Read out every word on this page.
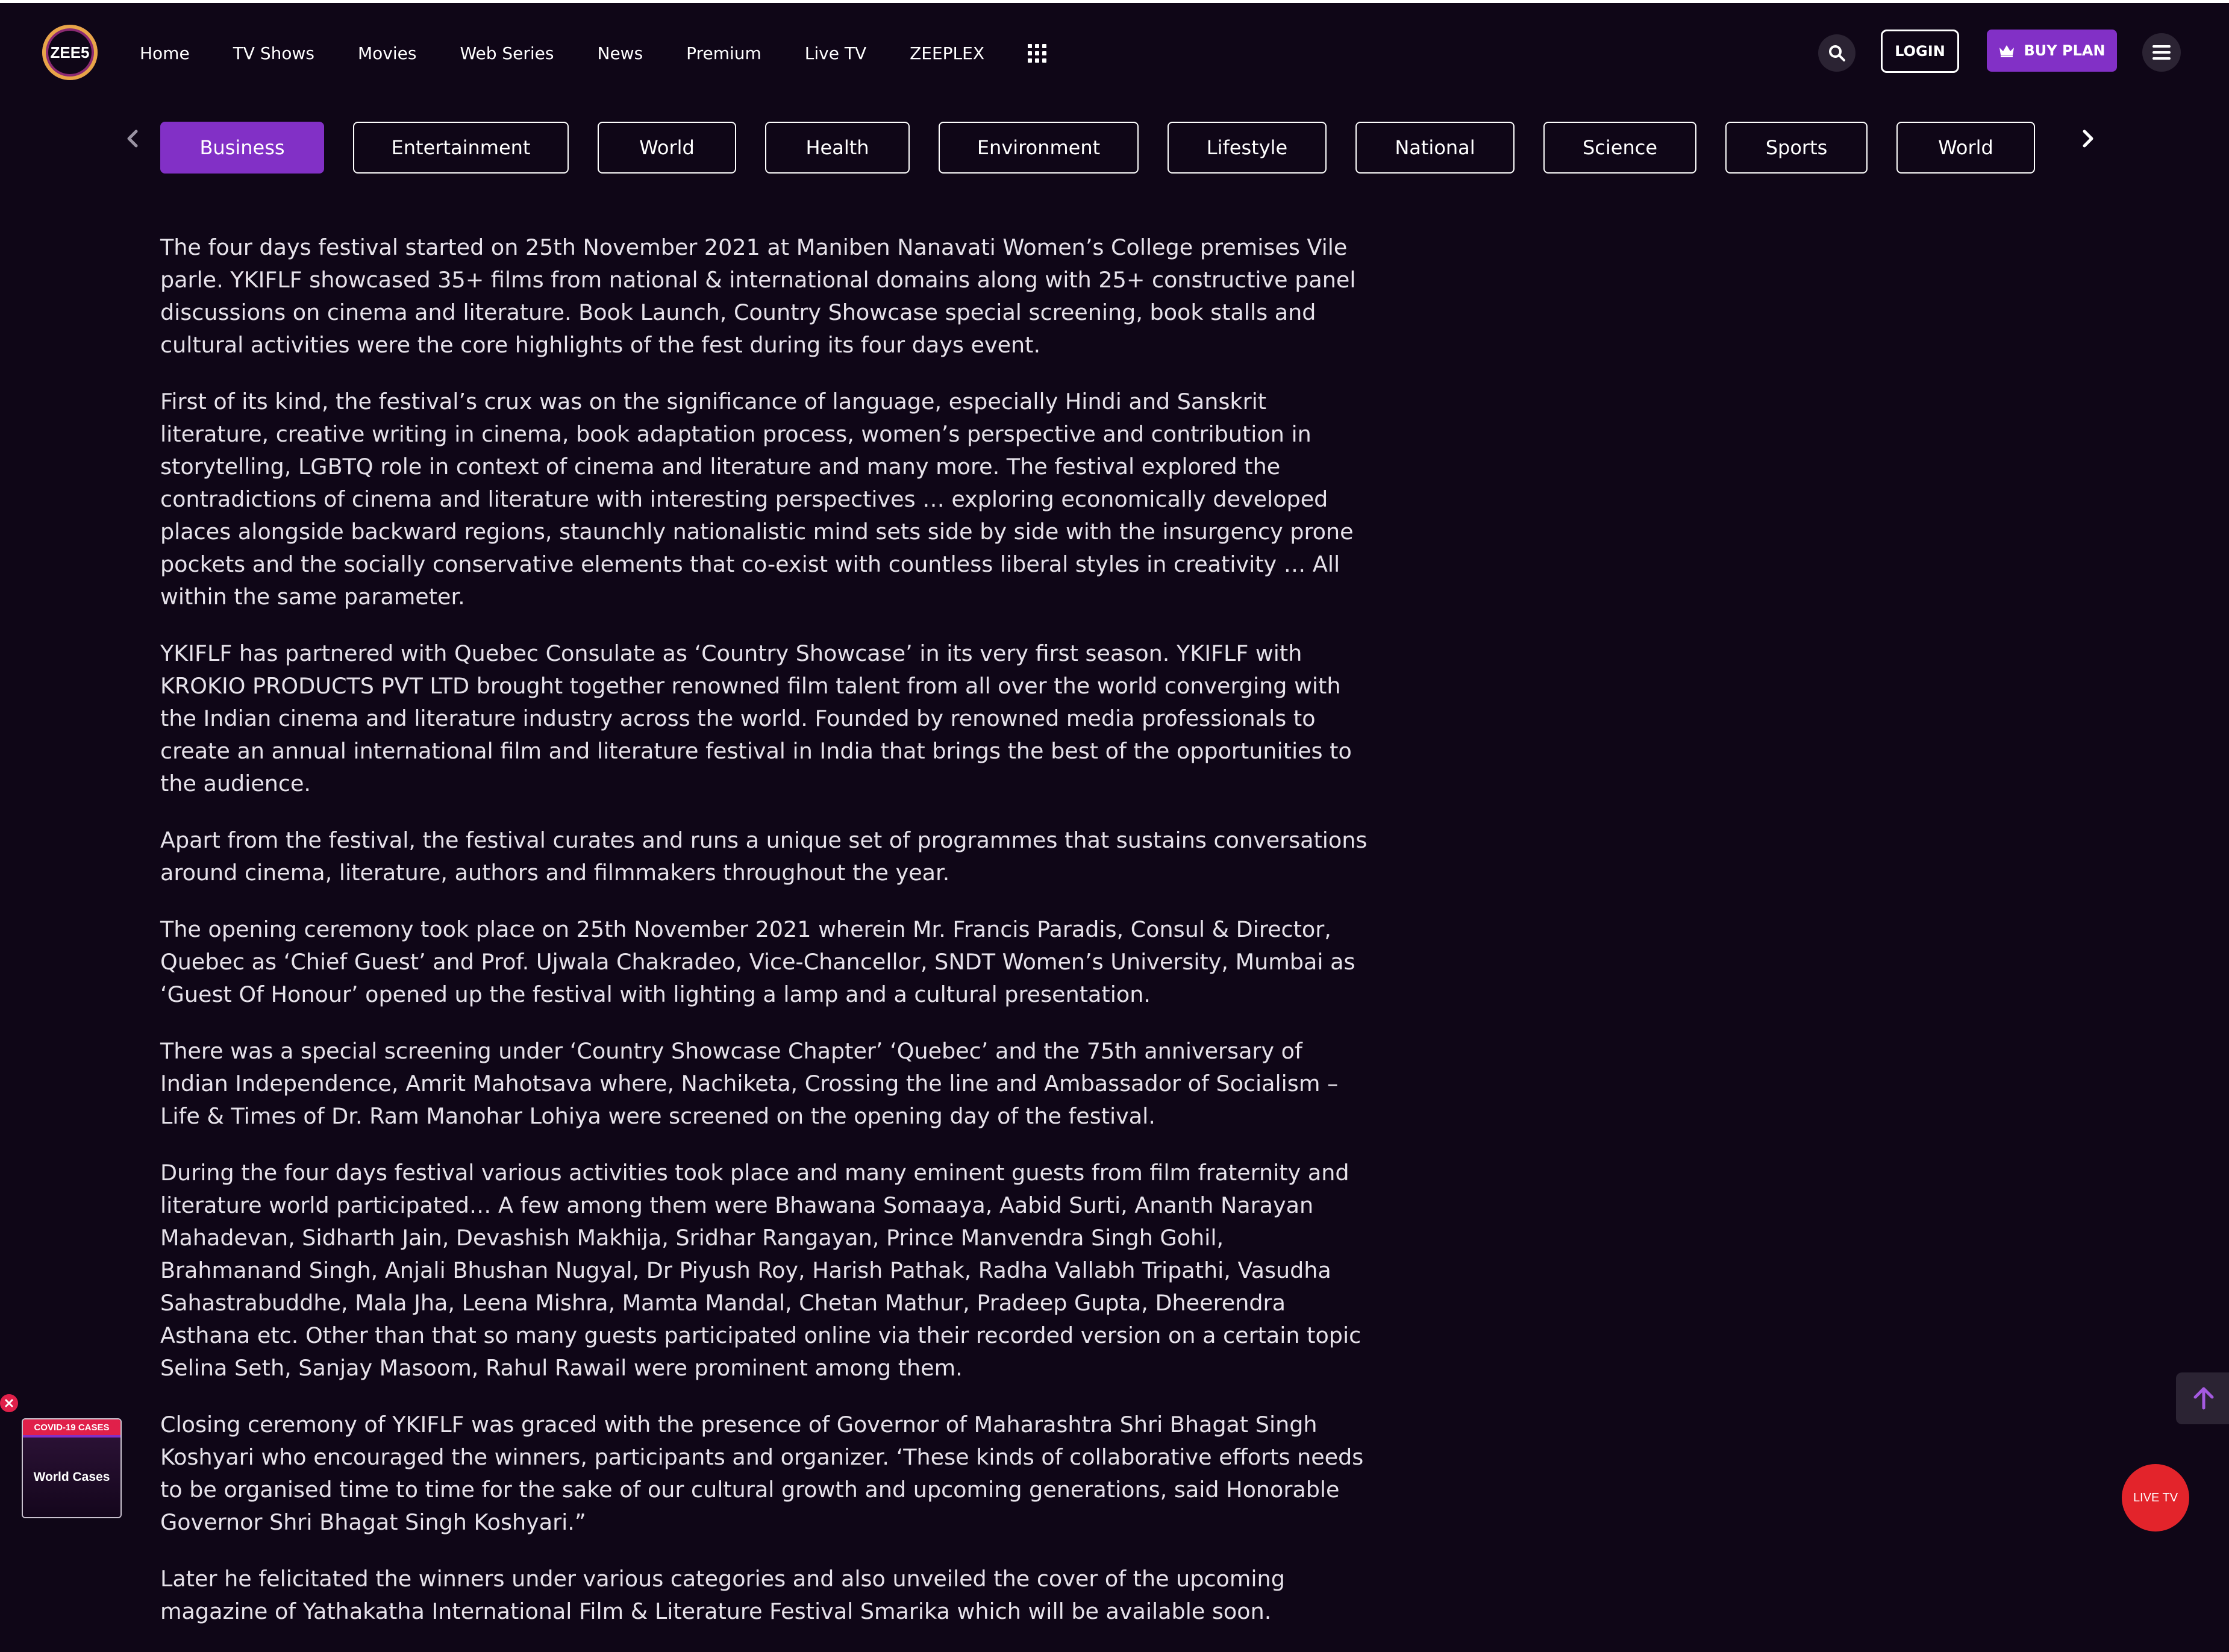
ZEE5	Home	TV Shows	Movies	Web Series	News	Premium	Live TV	ZEEPLEX	LOGIN	BUY PLAN
Business	Entertainment	World	Health	Environment	Lifestyle	National	Science	Sports	World

The four days festival started on 25th November 2021 at Maniben Nanavati Women’s College premises Vile parle. YKIFLF showcased 35+ films from national & international domains along with 25+ constructive panel discussions on cinema and literature. Book Launch, Country Showcase special screening, book stalls and cultural activities were the core highlights of the fest during its four days event.

First of its kind, the festival’s crux was on the significance of language, especially Hindi and Sanskrit literature, creative writing in cinema, book adaptation process, women’s perspective and contribution in storytelling, LGBTQ role in context of cinema and literature and many more. The festival explored the contradictions of cinema and literature with interesting perspectives … exploring economically developed places alongside backward regions, staunchly nationalistic mind sets side by side with the insurgency prone pockets and the socially conservative elements that co-exist with countless liberal styles in creativity … All within the same parameter.

YKIFLF has partnered with Quebec Consulate as ‘Country Showcase’ in its very first season. YKIFLF with KROKIO PRODUCTS PVT LTD brought together renowned film talent from all over the world converging with the Indian cinema and literature industry across the world. Founded by renowned media professionals to create an annual international film and literature festival in India that brings the best of the opportunities to the audience.

Apart from the festival, the festival curates and runs a unique set of programmes that sustains conversations around cinema, literature, authors and filmmakers throughout the year.

The opening ceremony took place on 25th November 2021 wherein Mr. Francis Paradis, Consul & Director, Quebec as ‘Chief Guest’ and Prof. Ujwala Chakradeo, Vice-Chancellor, SNDT Women’s University, Mumbai as ‘Guest Of Honour’ opened up the festival with lighting a lamp and a cultural presentation.

There was a special screening under ‘Country Showcase Chapter’ ‘Quebec’ and the 75th anniversary of Indian Independence, Amrit Mahotsava where, Nachiketa, Crossing the line and Ambassador of Socialism – Life & Times of Dr. Ram Manohar Lohiya were screened on the opening day of the festival.

During the four days festival various activities took place and many eminent guests from film fraternity and literature world participated… A few among them were Bhawana Somaaya, Aabid Surti, Ananth Narayan Mahadevan, Sidharth Jain, Devashish Makhija, Sridhar Rangayan, Prince Manvendra Singh Gohil, Brahmanand Singh, Anjali Bhushan Nugyal, Dr Piyush Roy, Harish Pathak, Radha Vallabh Tripathi, Vasudha Sahastrabuddhe, Mala Jha, Leena Mishra, Mamta Mandal, Chetan Mathur, Pradeep Gupta, Dheerendra Asthana etc. Other than that so many guests participated online via their recorded version on a certain topic Selina Seth, Sanjay Masoom, Rahul Rawail were prominent among them.

Closing ceremony of YKIFLF was graced with the presence of Governor of Maharashtra Shri Bhagat Singh Koshyari who encouraged the winners, participants and organizer. ‘These kinds of collaborative efforts needs to be organised time to time for the sake of our cultural growth and upcoming generations, said Honorable Governor Shri Bhagat Singh Koshyari.”

Later he felicitated the winners under various categories and also unveiled the cover of the upcoming magazine of Yathakatha International Film & Literature Festival Smarika which will be available soon.

COVID-19 CASES
World Cases
LIVE TV
